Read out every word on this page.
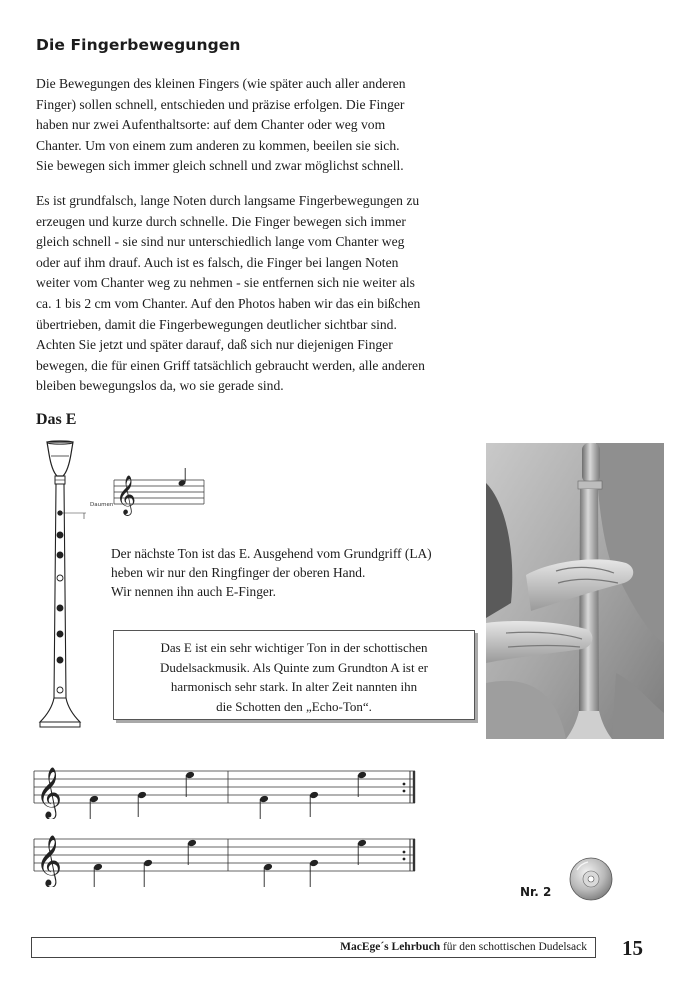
Die Fingerbewegungen
Die Bewegungen des kleinen Fingers (wie später auch aller anderen
Finger) sollen schnell, entschieden und präzise erfolgen. Die Finger
haben nur zwei Aufenthaltsorte: auf dem Chanter oder weg vom
Chanter. Um von einem zum anderen zu kommen, beeilen sie sich.
Sie bewegen sich immer gleich schnell und zwar möglichst schnell.
Es ist grundfalsch, lange Noten durch langsame Fingerbewegungen zu
erzeugen und kurze durch schnelle. Die Finger bewegen sich immer
gleich schnell - sie sind nur unterschiedlich lange vom Chanter weg
oder auf ihm drauf. Auch ist es falsch, die Finger bei langen Noten
weiter vom Chanter weg zu nehmen - sie entfernen sich nie weiter als
ca. 1 bis 2 cm vom Chanter. Auf den Photos haben wir das ein bißchen
übertrieben, damit die Fingerbewegungen deutlicher sichtbar sind.
Achten Sie jetzt und später darauf, daß sich nur diejenigen Finger
bewegen, die für einen Griff tatsächlich gebraucht werden, alle anderen
bleiben bewegungslos da, wo sie gerade sind.
Das E
Daumen 𝄞
Der nächste Ton ist das E. Ausgehend vom Grundgriff (LA)
heben wir nur den Ringfinger der oberen Hand.
Wir nennen ihn auch E-Finger.
Das E ist ein sehr wichtiger Ton in der schottischen
Dudelsackmusik. Als Quinte zum Grundton A ist er
harmonisch sehr stark. In alter Zeit nannten ihn
die Schotten den „Echo-Ton“.
𝄞
𝄞
Nr. 2
MacEge´s Lehrbuch für den schottischen Dudelsack 15
